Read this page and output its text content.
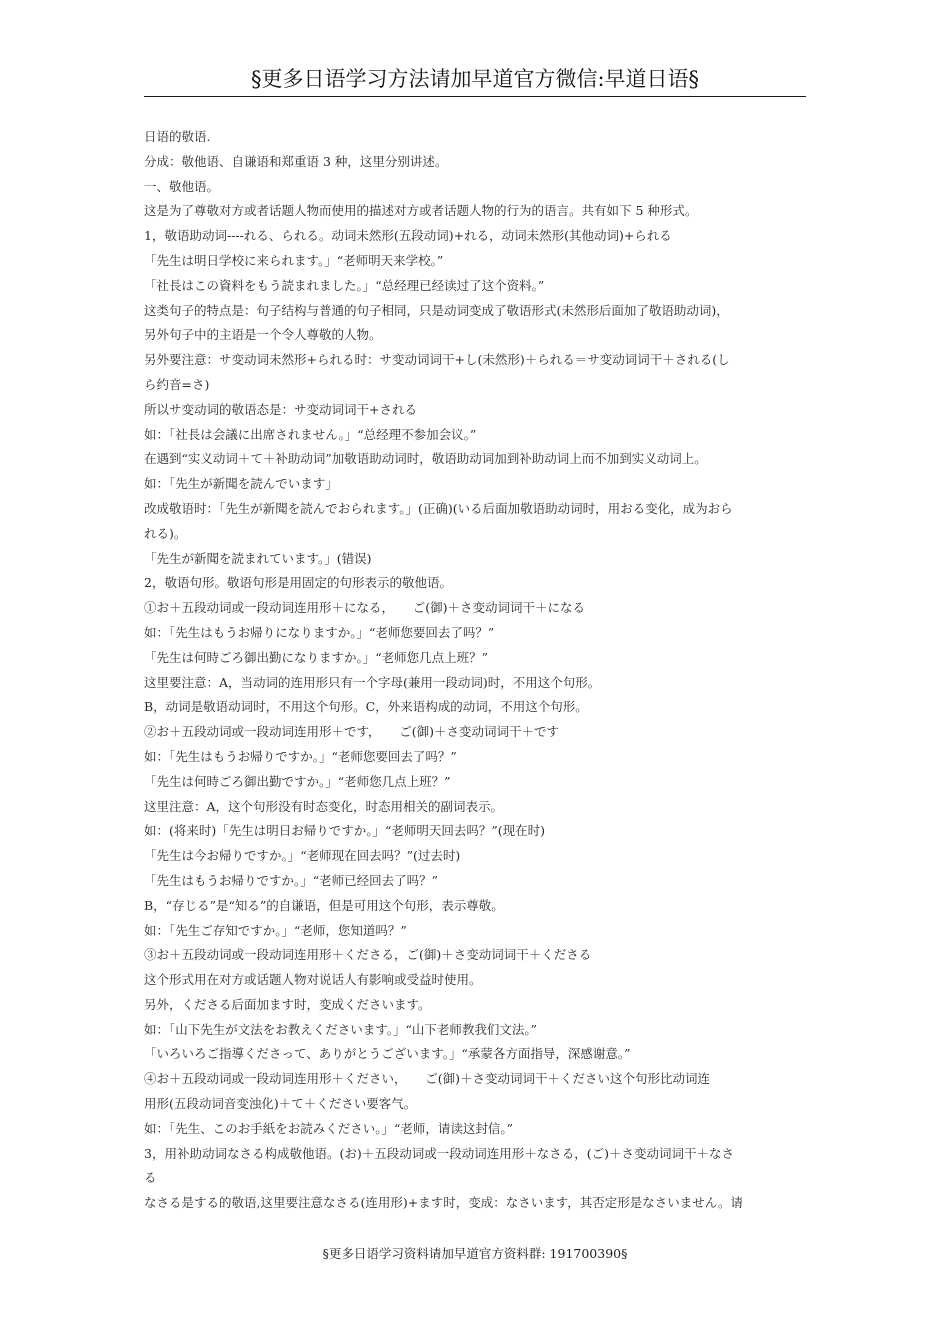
§更多日语学习方法请加早道官方微信:早道日语§
日语的敬语.
分成：敬他语、自谦语和郑重语 3 种，这里分别讲述。
一、敬他语。
这是为了尊敬对方或者话题人物而使用的描述对方或者话题人物的行为的语言。共有如下 5 种形式。
1，敬语助动词----れる、られる。动词未然形(五段动词)+れる，动词未然形(其他动词)+られる
「先生は明日学校に来られます。」“老师明天来学校。”
「社長はこの資料をもう読まれました。」“总经理已经读过了这个资料。”
这类句子的特点是：句子结构与普通的句子相同，只是动词变成了敬语形式(未然形后面加了敬语助动词)，
另外句子中的主语是一个令人尊敬的人物。
另外要注意：サ变动词未然形+られる时：サ变动词词干+し(未然形)＋られる＝サ变动词词干＋される(し
ら约音=さ)
所以サ变动词的敬语态是：サ变动词词干+される
如：「社長は会議に出席されません。」“总经理不参加会议。”
在遇到“实义动词＋て＋补助动词”加敬语助动词时，敬语助动词加到补助动词上而不加到实义动词上。
如：「先生が新聞を読んでいます」
改成敬语时：「先生が新聞を読んでおられます。」(正确)(いる后面加敬语助动词时，用おる变化，成为おら
れる)。
「先生が新聞を読まれています。」(错误)
2，敬语句形。敬语句形是用固定的句形表示的敬他语。
①お＋五段动词或一段动词连用形＋になる，　　ご(御)＋さ变动词词干＋になる
如：「先生はもうお帰りになりますか。」“老师您要回去了吗？”
「先生は何時ごろ御出勤になりますか。」“老师您几点上班？”
这里要注意：A，当动词的连用形只有一个字母(兼用一段动词)时，不用这个句形。
B，动词是敬语动词时，不用这个句形。C，外来语构成的动词，不用这个句形。
②お＋五段动词或一段动词连用形＋です，　　ご(御)＋さ变动词词干＋です
如：「先生はもうお帰りですか。」“老师您要回去了吗？”
「先生は何時ごろ御出勤ですか。」“老师您几点上班？”
这里注意：A，这个句形没有时态变化，时态用相关的副词表示。
如：(将来时)「先生は明日お帰りですか。」“老师明天回去吗？”(现在时)
「先生は今お帰りですか。」“老师现在回去吗？”(过去时)
「先生はもうお帰りですか。」“老师已经回去了吗？”
B，“存じる”是“知る”的自谦语，但是可用这个句形，表示尊敬。
如：「先生ご存知ですか。」“老师，您知道吗？”
③お＋五段动词或一段动词连用形＋くださる，ご(御)＋さ变动词词干＋くださる
这个形式用在对方或话题人物对说话人有影响或受益时使用。
另外，くださる后面加ます时，变成くださいます。
如：「山下先生が文法をお教えくださいます。」“山下老师教我们文法。”
「いろいろご指導くださって、ありがとうございます。」“承蒙各方面指导，深感谢意。”
④お＋五段动词或一段动词连用形＋ください，　　ご(御)＋さ变动词词干＋ください这个句形比动词连
用形(五段动词音变浊化)＋て＋ください要客气。
如：「先生、このお手紙をお読みください。」“老师，请读这封信。”
3，用补助动词なさる构成敬他语。(お)＋五段动词或一段动词连用形＋なさる，(ご)＋さ变动词词干＋なさ
る
なさる是する的敬语,这里要注意なさる(连用形)+ます时，变成：なさいます，其否定形是なさいません。请
§更多日语学习资料请加早道官方资料群: 191700390§
